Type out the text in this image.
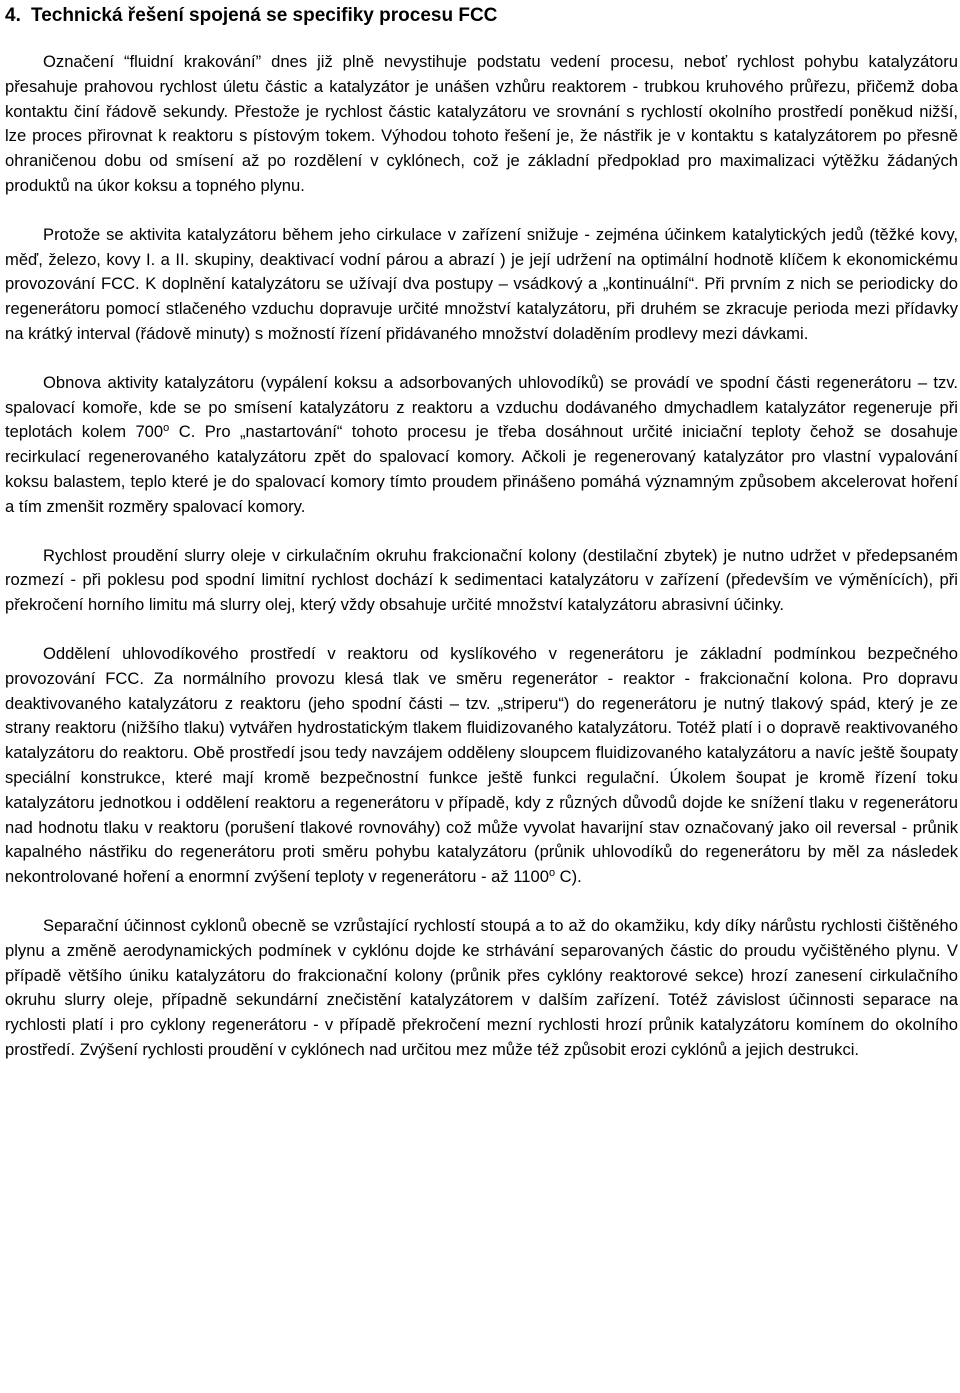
4. Technická řešení spojená se specifiky procesu FCC

Označení “fluidní krakování” dnes již plně nevystihuje podstatu vedení procesu, neboť rychlost pohybu katalyzátoru přesahuje prahovou rychlost úletu částic a katalyzátor je unášen vzhůru reaktorem - trubkou kruhového průřezu, přičemž doba kontaktu činí řádově sekundy. Přestože je rychlost částic katalyzátoru ve srovnání s rychlostí okolního prostředí poněkud nižší, lze proces přirovnat k reaktoru s pístovým tokem. Výhodou tohoto řešení je, že nástřik je v kontaktu s katalyzátorem po přesně ohraničenou dobu od smísení až po rozdělení v cyklónech, což je základní předpoklad pro maximalizaci výtěžku žádaných produktů na úkor koksu a topného plynu.

Protože se aktivita katalyzátoru během jeho cirkulace v zařízení snižuje - zejména účinkem katalytických jedů (těžké kovy, měď, železo, kovy I. a II. skupiny, deaktivací vodní párou a abrazí ) je její udržení na optimální hodnotě klíčem k ekonomickému provozování FCC. K doplnění katalyzátoru se užívají dva postupy – vsádkový a „kontinuální“. Při prvním z nich se periodicky do regenerátoru pomocí stlačeného vzduchu dopravuje určité množství katalyzátoru, při druhém se zkracuje perioda mezi přídavky na krátký interval (řádově minuty) s možností řízení přidávaného množství doladěním prodlevy mezi dávkami.

Obnova aktivity katalyzátoru (vypálení koksu a adsorbovaných uhlovodíků) se provádí ve spodní části regenerátoru – tzv. spalovací komoře, kde se po smísení katalyzátoru z reaktoru a vzduchu dodávaného dmychadlem katalyzátor regeneruje při teplotách kolem 700$^o$ C. Pro „nastartování“ tohoto procesu je třeba dosáhnout určité iniciační teploty čehož se dosahuje recirkulací regenerovaného katalyzátoru zpět do spalovací komory. Ačkoli je regenerovaný katalyzátor pro vlastní vypalování koksu balastem, teplo které je do spalovací komory tímto proudem přinášeno pomáhá významným způsobem akcelerovat hoření a tím zmenšit rozměry spalovací komory.

Rychlost proudění slurry oleje v cirkulačním okruhu frakcionační kolony (destilační zbytek) je nutno udržet v předepsaném rozmezí - při poklesu pod spodní limitní rychlost dochází k sedimentaci katalyzátoru v zařízení (především ve výměnících), při překročení horního limitu má slurry olej, který vždy obsahuje určité množství katalyzátoru abrasivní účinky.

Oddělení uhlovodíkového prostředí v reaktoru od kyslíkového v regenerátoru je základní podmínkou bezpečného provozování FCC. Za normálního provozu klesá tlak ve směru regenerátor - reaktor - frakcionační kolona. Pro dopravu deaktivovaného katalyzátoru z reaktoru (jeho spodní části – tzv. „striperu“) do regenerátoru je nutný tlakový spád, který je ze strany reaktoru (nižšího tlaku) vytvářen hydrostatickým tlakem fluidizovaného katalyzátoru. Totéž platí i o dopravě reaktivovaného katalyzátoru do reaktoru. Obě prostředí jsou tedy navzájem odděleny sloupcem fluidizovaného katalyzátoru a navíc ještě šoupaty speciální konstrukce, které mají kromě bezpečnostní funkce ještě funkci regulační. Úkolem šoupat je kromě řízení toku katalyzátoru jednotkou i oddělení reaktoru a regenerátoru v případě, kdy z různých důvodů dojde ke snížení tlaku v regenerátoru nad hodnotu tlaku v reaktoru (porušení tlakové rovnováhy) což může vyvolat havarijní stav označovaný jako oil reversal - průnik kapalného nástřiku do regenerátoru proti směru pohybu katalyzátoru (průnik uhlovodíků do regenerátoru by měl za následek nekontrolované hoření a enormní zvýšení teploty v regenerátoru - až 1100$^o$ C).

Separační účinnost cyklonů obecně se vzrůstající rychlostí stoupá a to až do okamžiku, kdy díky nárůstu rychlosti čištěného plynu a změně aerodynamických podmínek v cyklónu dojde ke strhávání separovaných částic do proudu vyčištěného plynu. V případě většího úniku katalyzátoru do frakcionační kolony (průnik přes cyklóny reaktorové sekce) hrozí zanesení cirkulačního okruhu slurry oleje, případně sekundární znečistění katalyzátorem v dalším zařízení. Totéž závislost účinnosti separace na rychlosti platí i pro cyklony regenerátoru - v případě překročení mezní rychlosti hrozí průnik katalyzátoru komínem do okolního prostředí. Zvýšení rychlosti proudění v cyklónech nad určitou mez může též způsobit erozi cyklónů a jejich destrukci.
